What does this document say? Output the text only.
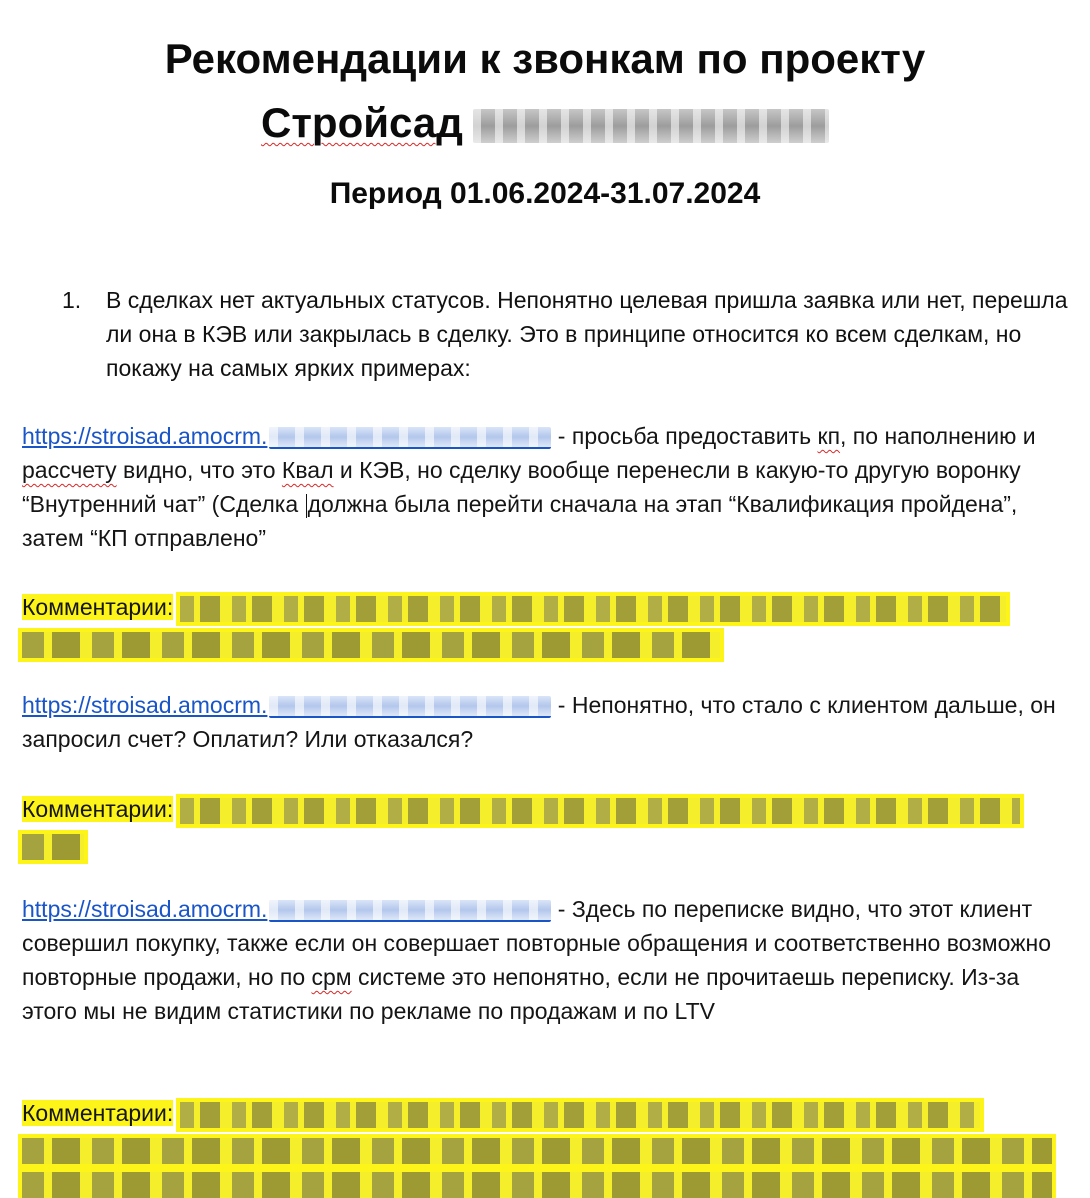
Рекомендации к звонкам по проекту
Стройсад
Период 01.06.2024-31.07.2024
1. В сделках нет актуальных статусов. Непонятно целевая пришла заявка или нет, перешла ли она в КЭВ или закрылась в сделку. Это в принципе относится ко всем сделкам, но покажу на самых ярких примерах:
https://stroisad.amocrm.	- просьба предоставить кп, по наполнению и рассчету видно, что это Квал и КЭВ, но сделку вообще перенесли в какую-то другую воронку “Внутренний чат” (Сделка должна была перейти сначала на этап “Квалификация пройдена”, затем “КП отправлено”
Комментарии:
https://stroisad.amocrm.	- Непонятно, что стало с клиентом дальше, он запросил счет? Оплатил? Или отказался?
Комментарии:
https://stroisad.amocrm.	- Здесь по переписке видно, что этот клиент совершил покупку, также если он совершает повторные обращения и соответственно возможно повторные продажи, но по срм системе это непонятно, если не прочитаешь переписку. Из-за этого мы не видим статистики по рекламе по продажам и по LTV
Комментарии:
